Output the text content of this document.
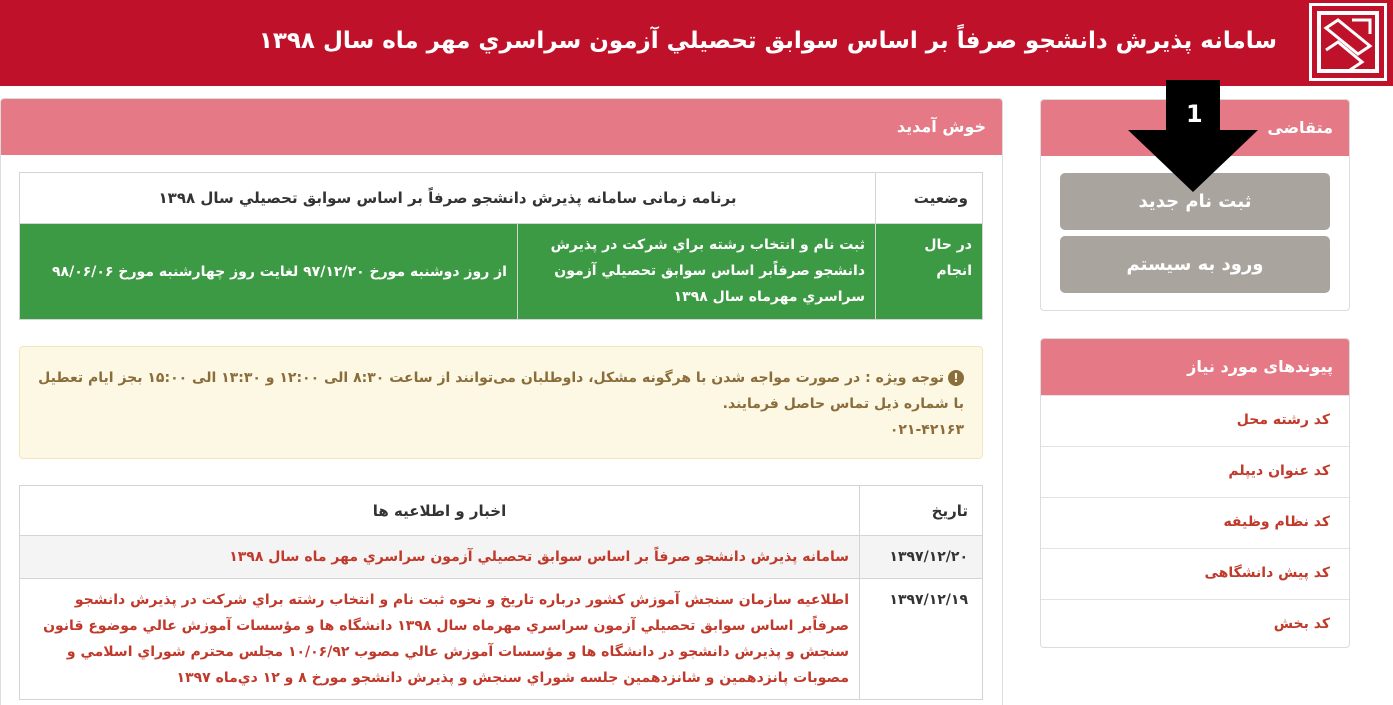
سامانه پذيرش دانشجو صرفاً بر اساس سوابق تحصيلي آزمون سراسري مهر ماه سال ۱۳۹۸
متقاضی
ثبت نام جدید
ورود به سیستم
پیوندهای مورد نیاز
کد رشته محل
کد عنوان دیپلم
کد نظام وظیفه
کد پیش دانشگاهی
کد بخش
خوش آمدید
وضعیت	برنامه زمانی سامانه پذيرش دانشجو صرفاً بر اساس سوابق تحصيلي سال ۱۳۹۸	
در حال انجام	ثبت نام و انتخاب رشته براي شركت در پذيرش دانشجو صرفاًبر اساس سوابق تحصيلي آزمون سراسري مهرماه سال ۱۳۹۸	از روز دوشنبه مورخ ۹۷/۱۲/۲۰ لغایت روز چهارشنبه مورخ ۹۸/۰۶/۰۶
!توجه ویژه : در صورت مواجه شدن با هرگونه مشکل، داوطلبان می‌توانند از ساعت ۸:۳۰ الی ۱۲:۰۰ و ۱۳:۳۰ الی ۱۵:۰۰ بجز ایام تعطیل
با شماره ذیل تماس حاصل فرمایند.
۰۲۱-۴۲۱۶۳
تاریخ	اخبار و اطلاعیه ها
۱۳۹۷/۱۲/۲۰	سامانه پذيرش دانشجو صرفاً بر اساس سوابق تحصيلي آزمون سراسري مهر ماه سال ۱۳۹۸
۱۳۹۷/۱۲/۱۹	اطلاعیه سازمان سنجش آموزش کشور درباره تاريخ و نحوه ثبت نام و انتخاب رشته براي شركت در پذيرش دانشجو صرفاًبر اساس سوابق تحصيلي آزمون سراسري مهرماه سال ۱۳۹۸ دانشگاه ها و مؤسسات آموزش عالي موضوع قانون سنجش و پذيرش دانشجو در دانشگاه ها و مؤسسات آموزش عالي مصوب ۱۰/۰۶/۹۲ مجلس محترم شوراي اسلامي و مصوبات پانزدهمین و شانزدهمین جلسه شوراي سنجش و پذيرش دانشجو مورخ ۸ و ۱۲ دي‌ماه ۱۳۹۷
1
